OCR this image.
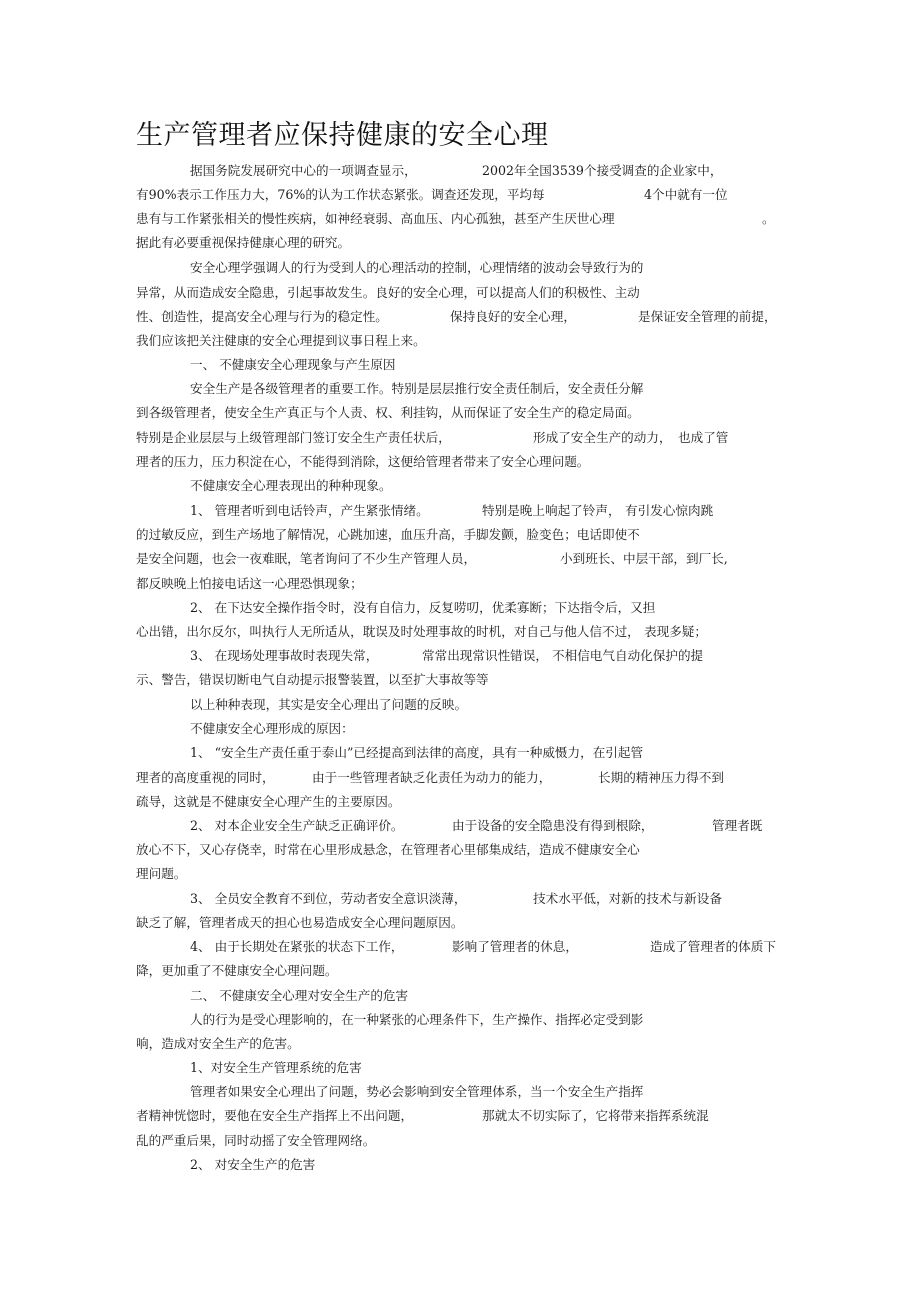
生产管理者应保持健康的安全心理
据国务院发展研究中心的一项调查显示，	2002年全国3539个接受调查的企业家中，
有90%表示工作压力大，76%的认为工作状态紧张。调查还发现，平均每	4个中就有一位
患有与工作紧张相关的慢性疾病，如神经衰弱、高血压、内心孤独，甚至产生厌世心理	。
据此有必要重视保持健康心理的研究。
安全心理学强调人的行为受到人的心理活动的控制，心理情绪的波动会导致行为的
异常，从而造成安全隐患，引起事故发生。良好的安全心理，可以提高人们的积极性、主动
性、创造性，提高安全心理与行为的稳定性。	保持良好的安全心理，	是保证安全管理的前提，
我们应该把关注健康的安全心理提到议事日程上来。
一、 不健康安全心理现象与产生原因
安全生产是各级管理者的重要工作。特别是层层推行安全责任制后，安全责任分解
到各级管理者，使安全生产真正与个人责、权、利挂钩，从而保证了安全生产的稳定局面。
特别是企业层层与上级管理部门签订安全生产责任状后，	形成了安全生产的动力， 也成了管
理者的压力，压力积淀在心，不能得到消除，这便给管理者带来了安全心理问题。
不健康安全心理表现出的种种现象。
1、 管理者听到电话铃声，产生紧张情绪。	特别是晚上响起了铃声， 有引发心惊肉跳
的过敏反应，到生产场地了解情况，心跳加速，血压升高，手脚发颤，脸变色；电话即使不
是安全问题，也会一夜难眠，笔者询问了不少生产管理人员，	小到班长、中层干部，到厂长,
都反映晚上怕接电话这一心理恐惧现象；
2、 在下达安全操作指令时，没有自信力，反复唠叨，优柔寡断；下达指令后，又担
心出错，出尔反尔，叫执行人无所适从，耽误及时处理事故的时机，对自己与他人信不过， 表现多疑；
3、 在现场处理事故时表现失常，	常常出现常识性错误， 不相信电气自动化保护的提
示、警告，错误切断电气自动提示报警装置，以至扩大事故等等
以上种种表现，其实是安全心理出了问题的反映。
不健康安全心理形成的原因：
1、 “安全生产责任重于泰山”已经提高到法律的高度，具有一种威慑力，在引起管
理者的高度重视的同时，	由于一些管理者缺乏化责任为动力的能力，	长期的精神压力得不到
疏导，这就是不健康安全心理产生的主要原因。
2、 对本企业安全生产缺乏正确评价。	由于设备的安全隐患没有得到根除，	管理者既
放心不下，又心存侥幸，时常在心里形成悬念，在管理者心里郁集成结，造成不健康安全心
理问题。
3、 全员安全教育不到位，劳动者安全意识淡薄，	技术水平低，对新的技术与新设备
缺乏了解，管理者成天的担心也易造成安全心理问题原因。
4、 由于长期处在紧张的状态下工作，	影响了管理者的休息，	造成了管理者的体质下
降，更加重了不健康安全心理问题。
二、 不健康安全心理对安全生产的危害
人的行为是受心理影响的，在一种紧张的心理条件下，生产操作、指挥必定受到影
响，造成对安全生产的危害。
1、对安全生产管理系统的危害
管理者如果安全心理出了问题，势必会影响到安全管理体系，当一个安全生产指挥
者精神恍惚时，要他在安全生产指挥上不出问题，	那就太不切实际了，它将带来指挥系统混
乱的严重后果，同时动摇了安全管理网络。
2、 对安全生产的危害
